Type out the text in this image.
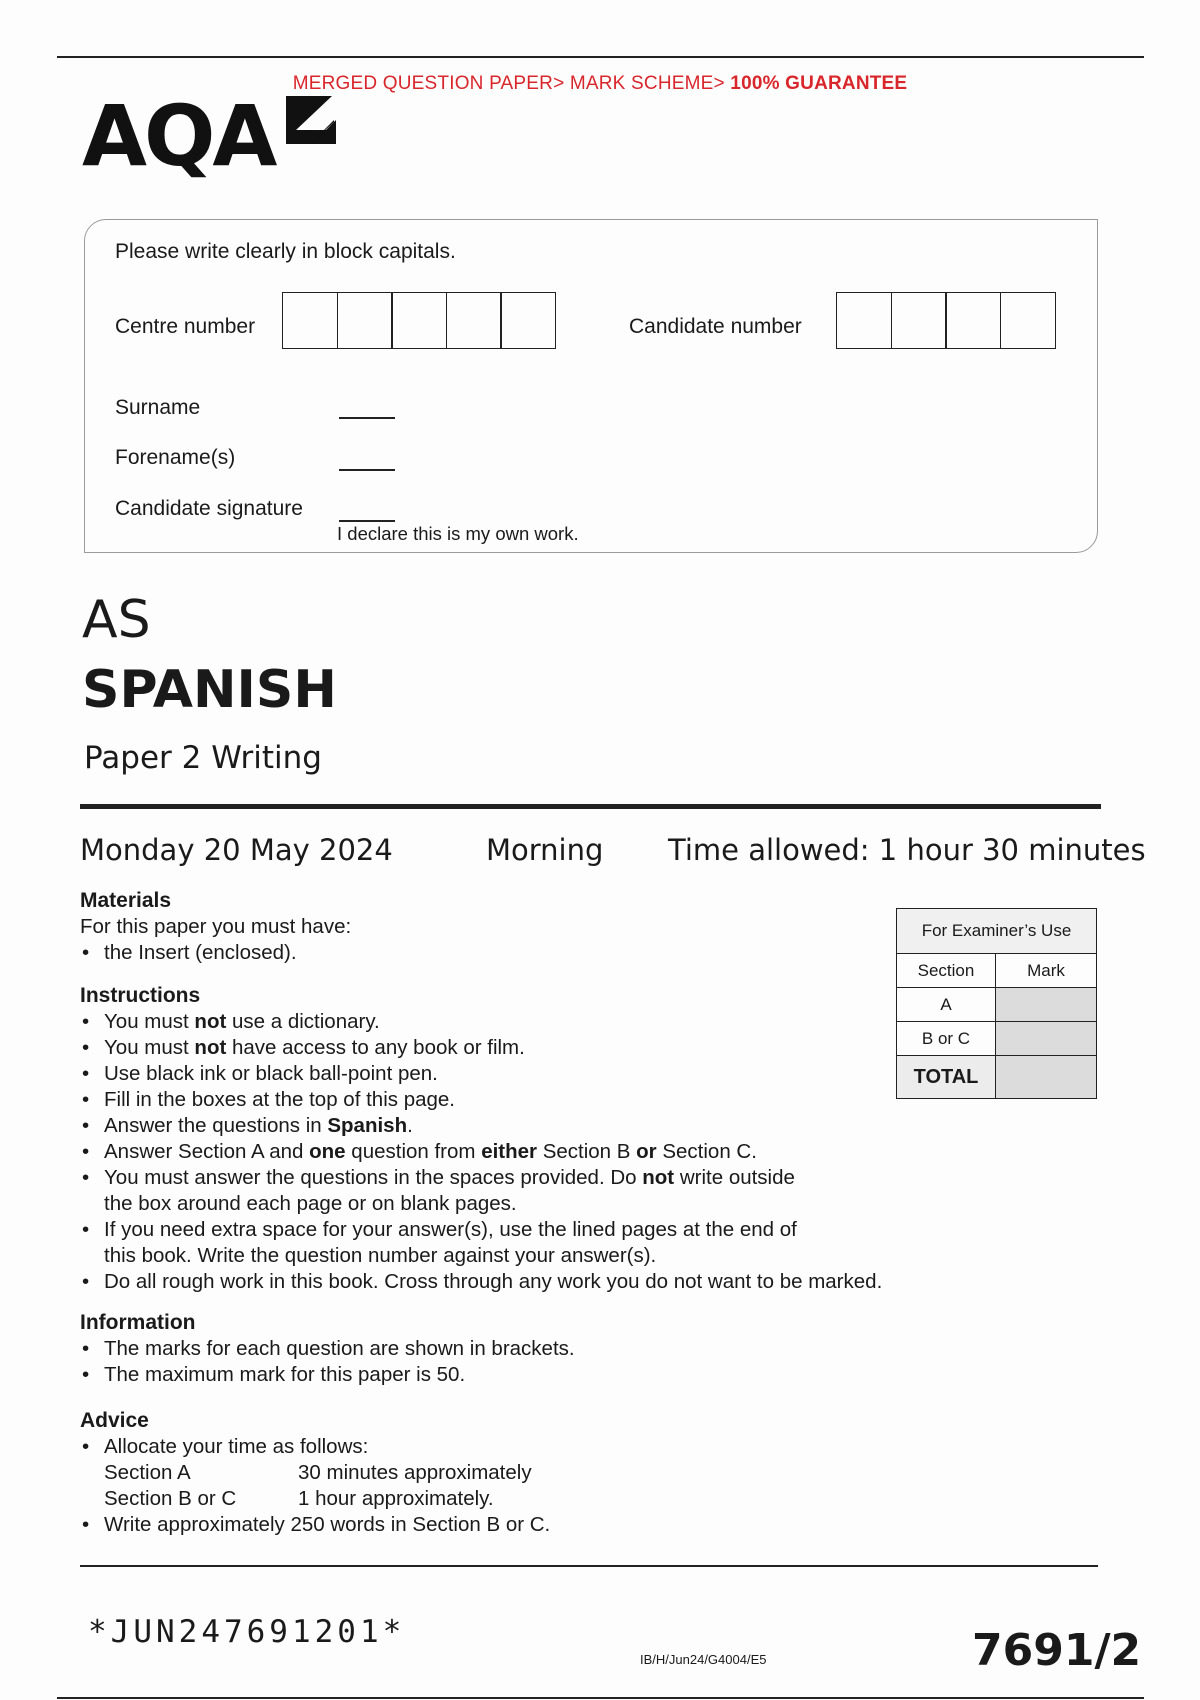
MERGED QUESTION PAPER> MARK SCHEME> 100% GUARANTEE
AQA
Please write clearly in block capitals.
Centre number	Candidate number
Surname
Forename(s)
Candidate signature
I declare this is my own work.
AS
SPANISH
Paper 2 Writing
Monday 20 May 2024	Morning Time allowed: 1 hour 30 minutes
Materials
For this paper you must have:
• the Insert (enclosed).
Instructions
• You must not use a dictionary.
• You must not have access to any book or film.
• Use black ink or black ball-point pen.
• Fill in the boxes at the top of this page.
• Answer the questions in Spanish.
• Answer Section A and one question from either Section B or Section C.
• You must answer the questions in the spaces provided. Do not write outside the box around each page or on blank pages.
• If you need extra space for your answer(s), use the lined pages at the end of this book. Write the question number against your answer(s).
• Do all rough work in this book. Cross through any work you do not want to be marked.
Information
• The marks for each question are shown in brackets.
• The maximum mark for this paper is 50.
Advice
• Allocate your time as follows:
Section A	30 minutes approximately
Section B or C	1 hour approximately.
• Write approximately 250 words in Section B or C.
For Examiner’s Use	
Section	Mark
A	
B or C	
TOTAL	
*JUN247691201*
IB/H/Jun24/G4004/E5	7691/2
